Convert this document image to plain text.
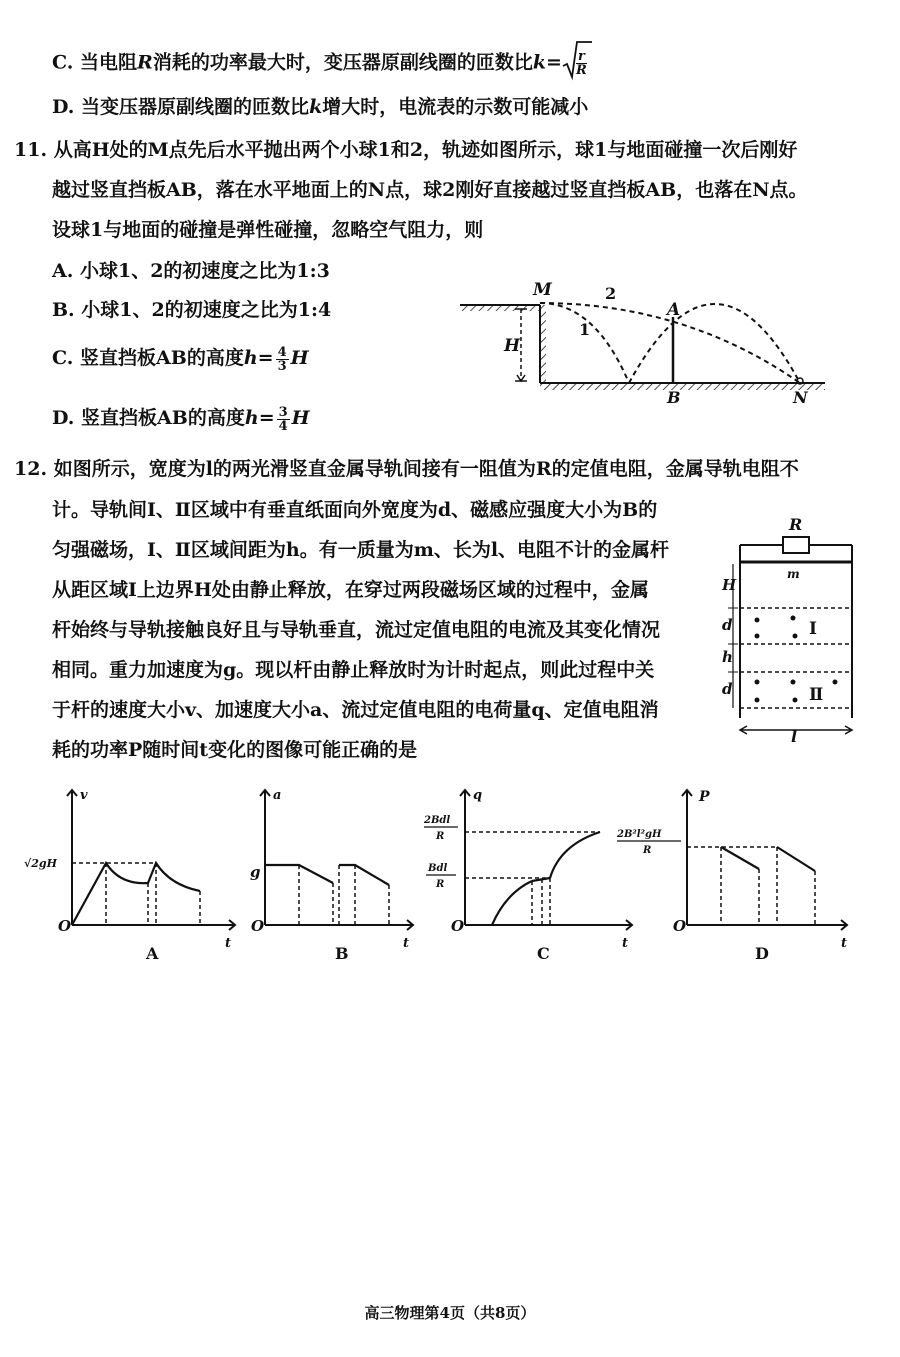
C. 当电阻R消耗的功率最大时，变压器原副线圈的匝数比$k= \frac{r}{R}$
D. 当变压器原副线圈的匝数比k增大时，电流表的示数可能减小
11. 从高H处的M点先后水平抛出两个小球1和2，轨迹如图所示，球1与地面碰撞一次后刚好
越过竖直挡板AB，落在水平地面上的N点，球2刚好直接越过竖直挡板AB，也落在N点。
设球1与地面的碰撞是弹性碰撞，忽略空气阻力，则
A. 小球1、2的初速度之比为1:3
B. 小球1、2的初速度之比为1:4
C. 竖直挡板AB的高度$h= \frac{4}{3}$ H
D. 竖直挡板AB的高度$h= \frac{3}{4}$ H
M	2
1
A
B	N
H
12. 如图所示，宽度为l的两光滑竖直金属导轨间接有一阻值为R的定值电阻，金属导轨电阻不
计。导轨间Ⅰ、Ⅱ区域中有垂直纸面向外宽度为d、磁感应强度大小为B的
匀强磁场，Ⅰ、Ⅱ区域间距为h。有一质量为m、长为l、电阻不计的金属杆
从距区域Ⅰ上边界H处由静止释放，在穿过两段磁场区域的过程中，金属
杆始终与导轨接触良好且与导轨垂直，流过定值电阻的电流及其变化情况
相同。重力加速度为g。现以杆由静止释放时为计时起点，则此过程中关
于杆的速度大小v、加速度大小a、流过定值电阻的电荷量q、定值电阻消
耗的功率P随时间t变化的图像可能正确的是
R
m
H
d
h
d
Ⅰ
Ⅱ
l
v
√2gH
O
t
A
a
g
O
t
B
q
2Bdl
R
Bdl
R
O
t
C
P
2B²l²gH
R
O
t
D
高三物理第4页（共8页）
